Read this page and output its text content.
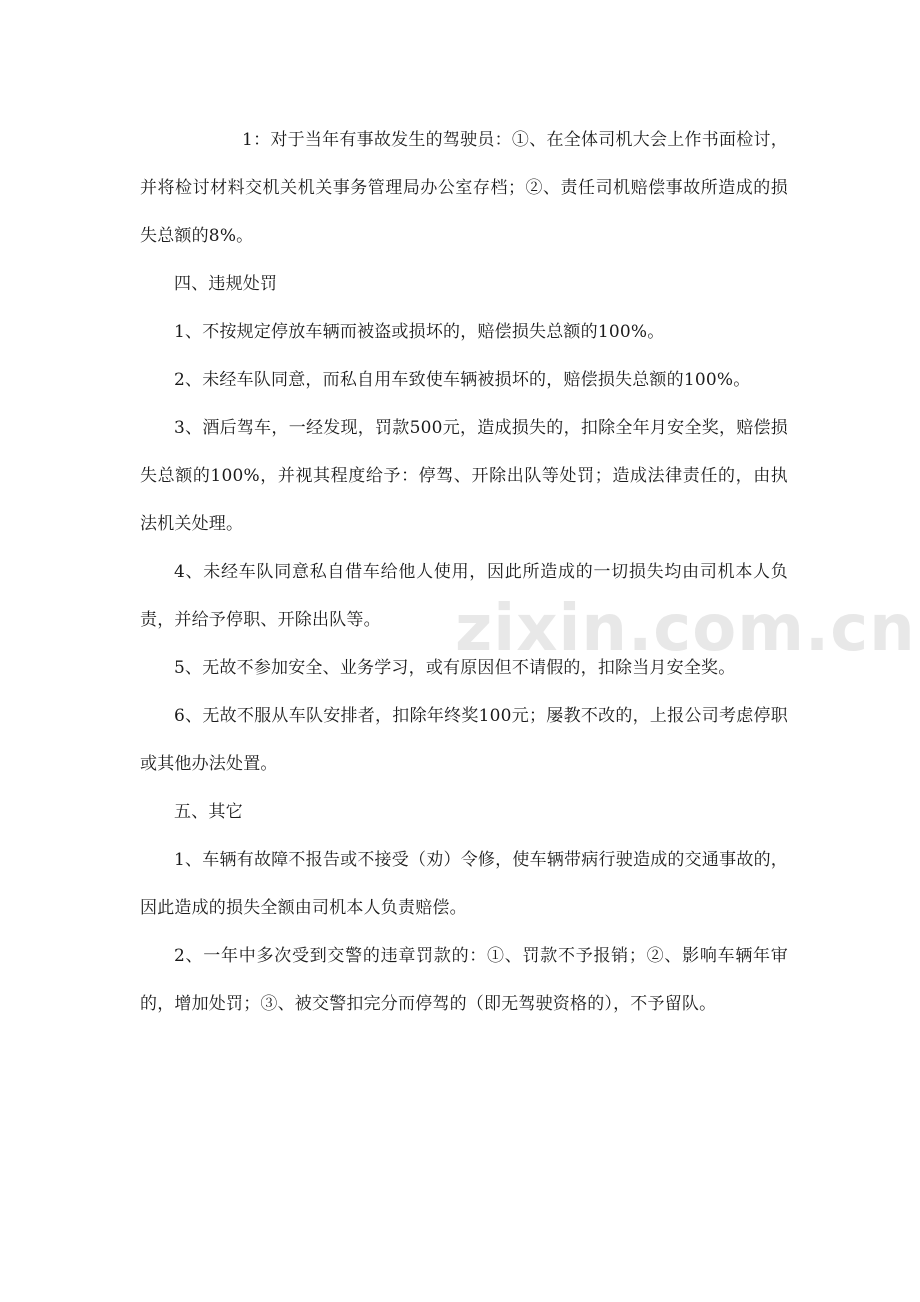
1：对于当年有事故发生的驾驶员：①、在全体司机大会上作书面检讨，并将检讨材料交机关机关事务管理局办公室存档；②、责任司机赔偿事故所造成的损失总额的8%。

四、违规处罚

1、不按规定停放车辆而被盗或损坏的，赔偿损失总额的100%。

2、未经车队同意，而私自用车致使车辆被损坏的，赔偿损失总额的100%。

3、酒后驾车，一经发现，罚款500元，造成损失的，扣除全年月安全奖，赔偿损失总额的100%，并视其程度给予：停驾、开除出队等处罚；造成法律责任的，由执法机关处理。

4、未经车队同意私自借车给他人使用，因此所造成的一切损失均由司机本人负责，并给予停职、开除出队等。

5、无故不参加安全、业务学习，或有原因但不请假的，扣除当月安全奖。

6、无故不服从车队安排者，扣除年终奖100元；屡教不改的，上报公司考虑停职或其他办法处置。

五、其它

1、车辆有故障不报告或不接受（劝）令修，使车辆带病行驶造成的交通事故的，因此造成的损失全额由司机本人负责赔偿。

2、一年中多次受到交警的违章罚款的：①、罚款不予报销；②、影响车辆年审的，增加处罚；③、被交警扣完分而停驾的（即无驾驶资格的），不予留队。

zixin.com.cn
